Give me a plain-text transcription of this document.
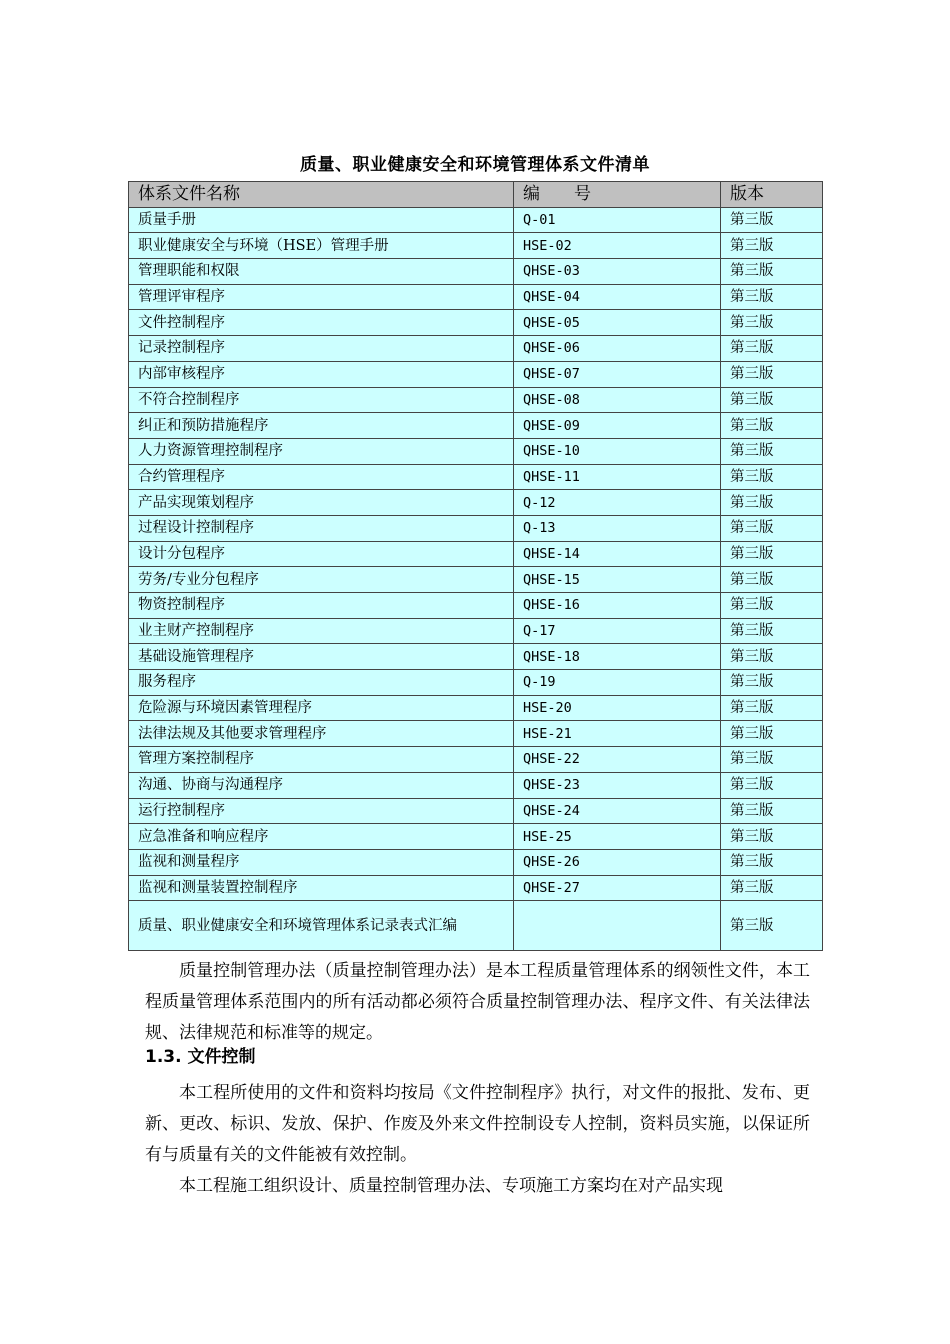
质量、职业健康安全和环境管理体系文件清单
体系文件名称	编　　号	版本
质量手册	Q-01	第三版
职业健康安全与环境（HSE）管理手册	HSE-02	第三版
管理职能和权限	QHSE-03	第三版
管理评审程序	QHSE-04	第三版
文件控制程序	QHSE-05	第三版
记录控制程序	QHSE-06	第三版
内部审核程序	QHSE-07	第三版
不符合控制程序	QHSE-08	第三版
纠正和预防措施程序	QHSE-09	第三版
人力资源管理控制程序	QHSE-10	第三版
合约管理程序	QHSE-11	第三版
产品实现策划程序	Q-12	第三版
过程设计控制程序	Q-13	第三版
设计分包程序	QHSE-14	第三版
劳务/专业分包程序	QHSE-15	第三版
物资控制程序	QHSE-16	第三版
业主财产控制程序	Q-17	第三版
基础设施管理程序	QHSE-18	第三版
服务程序	Q-19	第三版
危险源与环境因素管理程序	HSE-20	第三版
法律法规及其他要求管理程序	HSE-21	第三版
管理方案控制程序	QHSE-22	第三版
沟通、协商与沟通程序	QHSE-23	第三版
运行控制程序	QHSE-24	第三版
应急准备和响应程序	HSE-25	第三版
监视和测量程序	QHSE-26	第三版
监视和测量装置控制程序	QHSE-27	第三版
质量、职业健康安全和环境管理体系记录表式汇编		第三版
质量控制管理办法（质量控制管理办法）是本工程质量管理体系的纲领性文件，本工程质量管理体系范围内的所有活动都必须符合质量控制管理办法、程序文件、有关法律法规、法律规范和标准等的规定。
1.3. 文件控制
本工程所使用的文件和资料均按局《文件控制程序》执行，对文件的报批、发布、更新、更改、标识、发放、保护、作废及外来文件控制设专人控制，资料员实施，以保证所有与质量有关的文件能被有效控制。
本工程施工组织设计、质量控制管理办法、专项施工方案均在对产品实现
